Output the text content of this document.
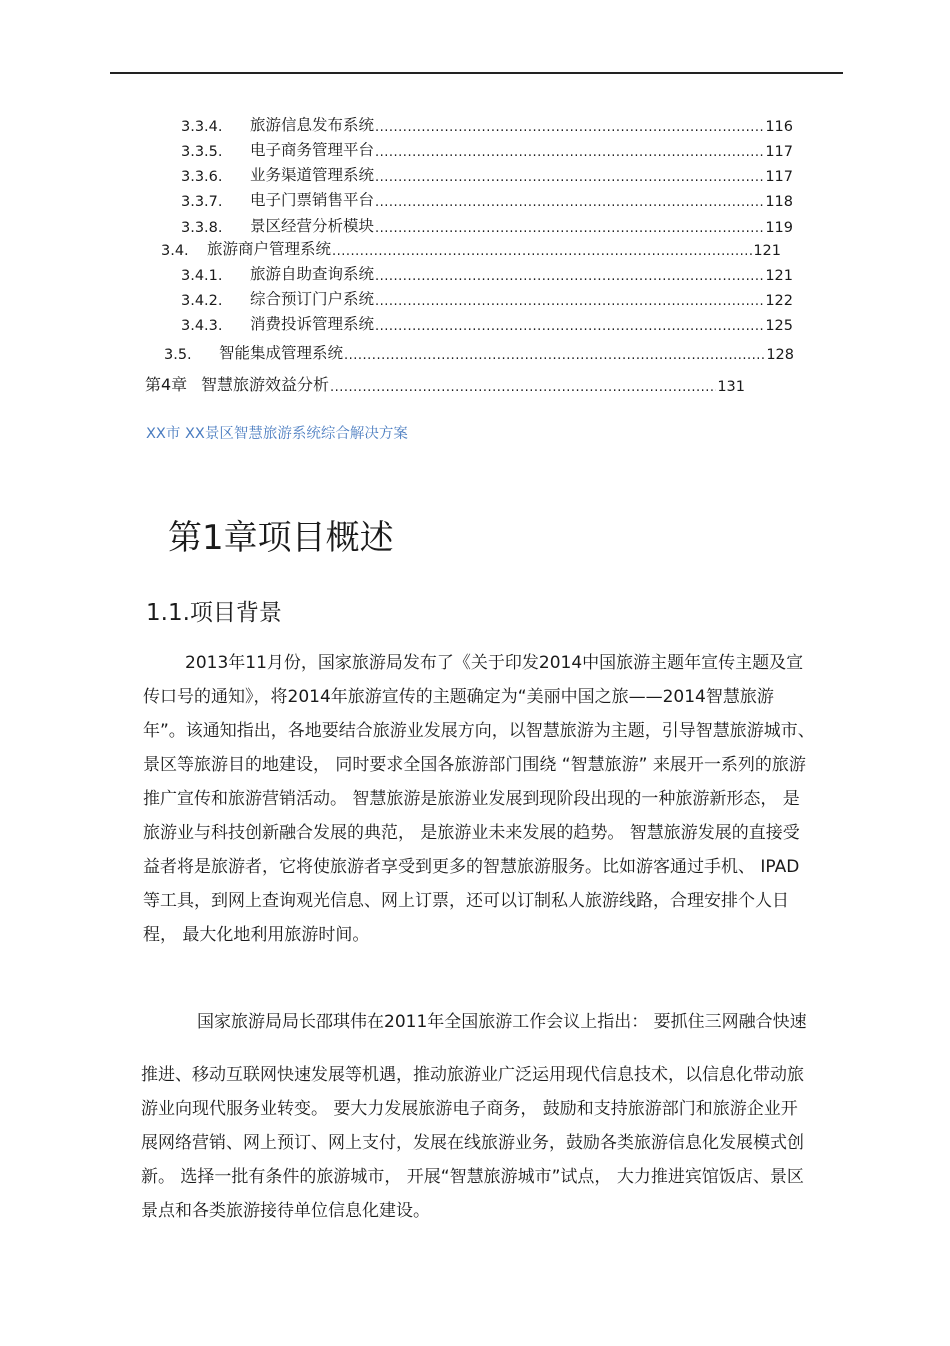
3.3.4.	旅游信息发布系统 .....	116
3.3.5.	电子商务管理平台 .....	117
3.3.6.	业务渠道管理系统 .....	117
3.3.7.	电子门票销售平台 .....	118
3.3.8.	景区经营分析模块 .....	119
3.4.	旅游商户管理系统 .....	121
3.4.1.	旅游自助查询系统 .....	121
3.4.2.	综合预订门户系统 .....	122
3.4.3.	消费投诉管理系统 .....	125
3.5.	智能集成管理系统 .....	128
第4章 智慧旅游效益分析 .....	131
XX市 XX景区智慧旅游系统综合解决方案
第1章项目概述
1.1.项目背景

2013年11月份，国家旅游局发布了《关于印发2014中国旅游主题年宣传主题及宣传口号的通知》，将2014年旅游宣传的主题确定为“美丽中国之旅——2014智慧旅游年”。该通知指出，各地要结合旅游业发展方向，以智慧旅游为主题，引导智慧旅游城市、景区等旅游目的地建设， 同时要求全国各旅游部门围绕 “智慧旅游” 来展开一系列的旅游推广宣传和旅游营销活动。 智慧旅游是旅游业发展到现阶段出现的一种旅游新形态， 是旅游业与科技创新融合发展的典范， 是旅游业未来发展的趋势。 智慧旅游发展的直接受益者将是旅游者，它将使旅游者享受到更多的智慧旅游服务。比如游客通过手机、 IPAD 等工具，到网上查询观光信息、网上订票，还可以订制私人旅游线路，合理安排个人日程， 最大化地利用旅游时间。

国家旅游局局长邵琪伟在2011年全国旅游工作会议上指出： 要抓住三网融合快速

推进、移动互联网快速发展等机遇，推动旅游业广泛运用现代信息技术，以信息化带动旅游业向现代服务业转变。 要大力发展旅游电子商务， 鼓励和支持旅游部门和旅游企业开展网络营销、网上预订、网上支付，发展在线旅游业务，鼓励各类旅游信息化发展模式创新。 选择一批有条件的旅游城市， 开展“智慧旅游城市”试点， 大力推进宾馆饭店、景区景点和各类旅游接待单位信息化建设。
